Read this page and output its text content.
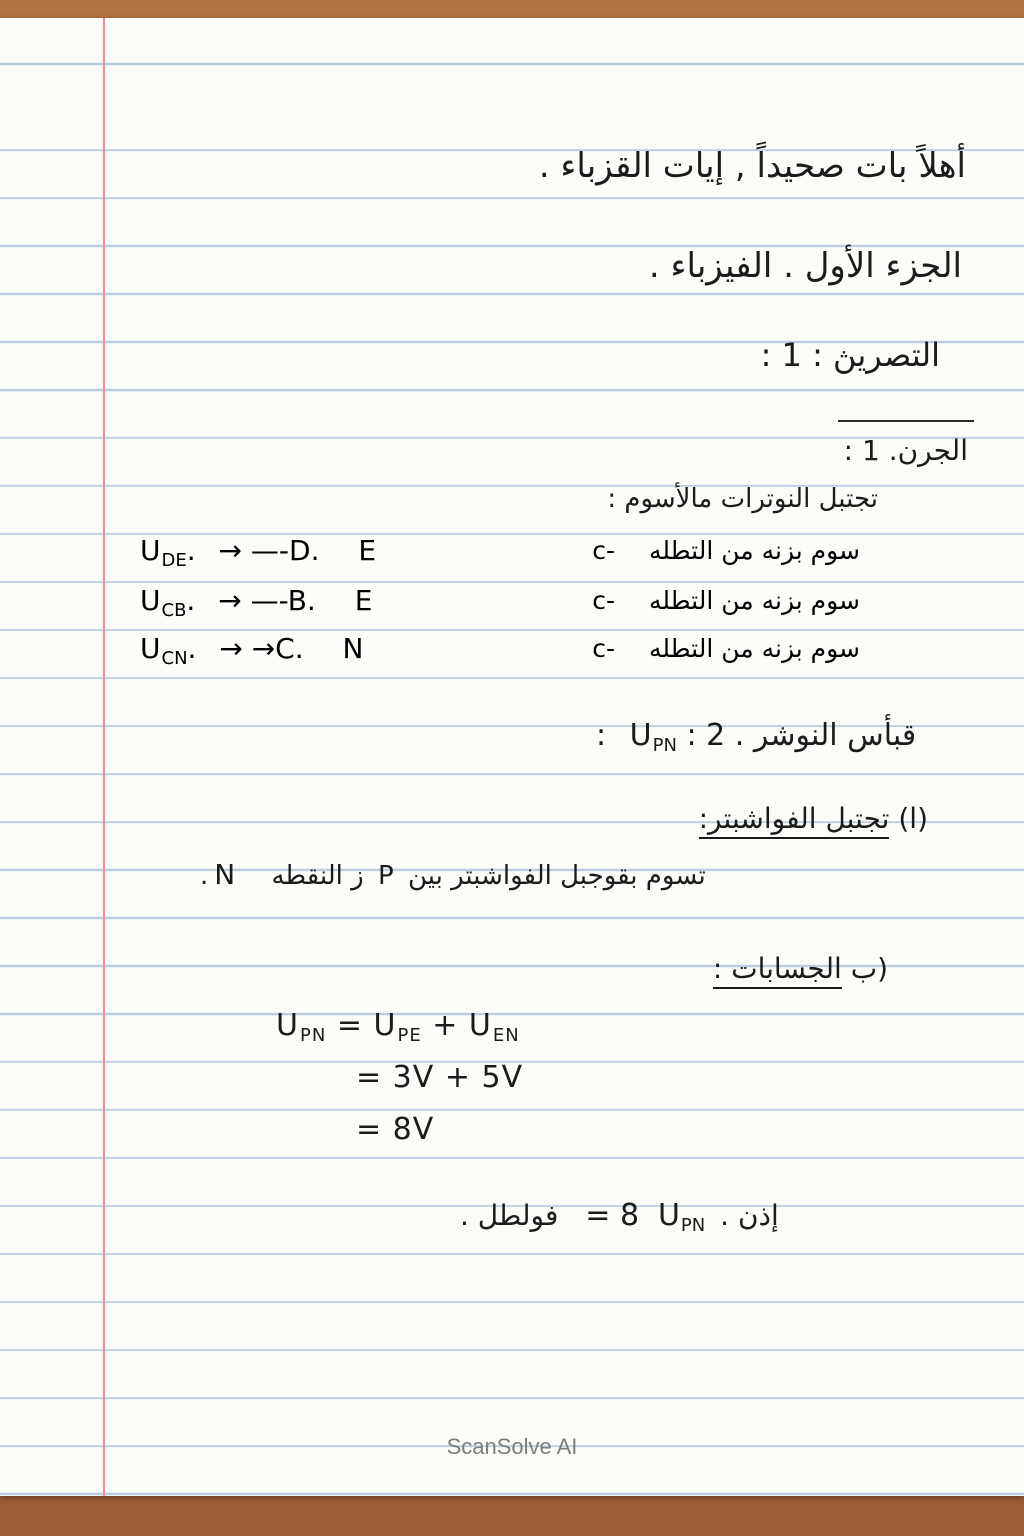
أهلاً بات صحيداً , إيات القزباء .
الجزء الأول . الفيزباء .
التصريڽ : 1 :
الجرن. 1 :
تجتبل النوترات مالأسوم :
$U_{DE}$. → —-D. E	سوم بزنه من التطله -c
$U_{CB}$. → —-B. E	سوم بزنه من التطله -c
$U_{CN}$. → →C. N	سوم بزنه من التطله -c
: $U_{PN}$ قبأس النوشر . 2 :
(ا) تجتبل الفواشبتر:
. N ز النقطه P تسوم بقوجبل الفواشبتر بين
(ب الجسابات :
$U_{PN} = U_{PE} + U_{EN}$
= 3V + 5V
= 8V
فولطل . = 8 $U_{PN}$ إذن .
ScanSolve AI
